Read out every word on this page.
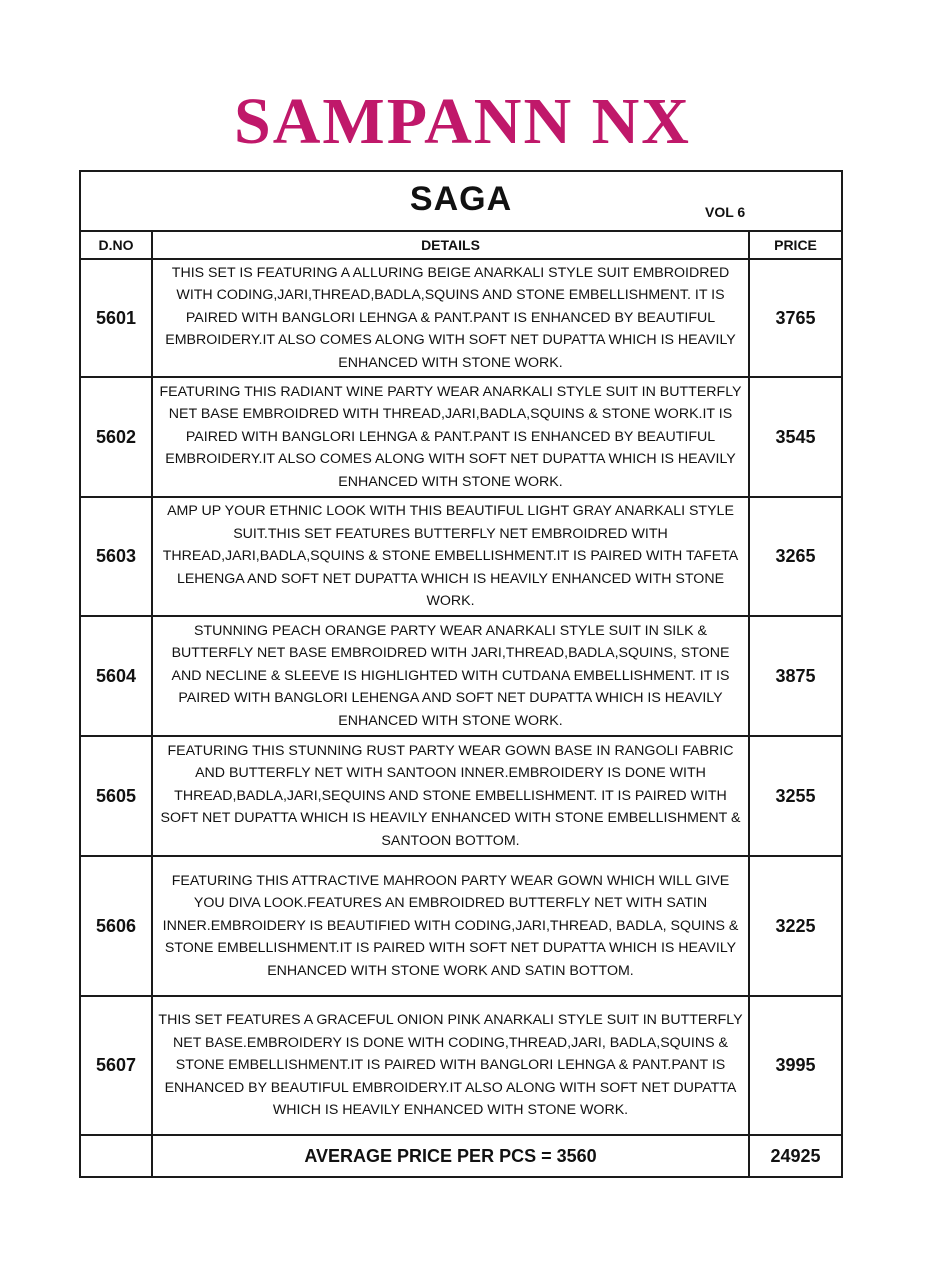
SAMPANN NX
SAGA VOL 6		

D.NO	DETAILS	PRICE
5601	THIS SET IS FEATURING A ALLURING BEIGE ANARKALI STYLE SUIT EMBROIDRED WITH CODING,JARI,THREAD,BADLA,SQUINS AND STONE EMBELLISHMENT. IT IS PAIRED WITH BANGLORI LEHNGA & PANT.PANT IS ENHANCED BY BEAUTIFUL EMBROIDERY.IT ALSO COMES ALONG WITH SOFT NET DUPATTA WHICH IS HEAVILY ENHANCED WITH STONE WORK.	3765
5602	FEATURING THIS RADIANT WINE PARTY WEAR ANARKALI STYLE SUIT IN BUTTERFLY NET BASE EMBROIDRED WITH THREAD,JARI,BADLA,SQUINS & STONE WORK.IT IS PAIRED WITH BANGLORI LEHNGA & PANT.PANT IS ENHANCED BY BEAUTIFUL EMBROIDERY.IT ALSO COMES ALONG WITH SOFT NET DUPATTA WHICH IS HEAVILY ENHANCED WITH STONE WORK.	3545
5603	AMP UP YOUR ETHNIC LOOK WITH THIS BEAUTIFUL LIGHT GRAY ANARKALI STYLE SUIT.THIS SET FEATURES BUTTERFLY NET EMBROIDRED WITH THREAD,JARI,BADLA,SQUINS & STONE EMBELLISHMENT.IT IS PAIRED WITH TAFETA LEHENGA AND SOFT NET DUPATTA WHICH IS HEAVILY ENHANCED WITH STONE WORK.	3265
5604	STUNNING PEACH ORANGE PARTY WEAR ANARKALI STYLE SUIT IN SILK & BUTTERFLY NET BASE EMBROIDRED WITH JARI,THREAD,BADLA,SQUINS, STONE AND NECLINE & SLEEVE IS HIGHLIGHTED WITH CUTDANA EMBELLISHMENT. IT IS PAIRED WITH BANGLORI LEHENGA AND SOFT NET DUPATTA WHICH IS HEAVILY ENHANCED WITH STONE WORK.	3875
5605	FEATURING THIS STUNNING RUST PARTY WEAR GOWN BASE IN RANGOLI FABRIC AND BUTTERFLY NET WITH SANTOON INNER.EMBROIDERY IS DONE WITH THREAD,BADLA,JARI,SEQUINS AND STONE EMBELLISHMENT. IT IS PAIRED WITH SOFT NET DUPATTA WHICH IS HEAVILY ENHANCED WITH STONE EMBELLISHMENT & SANTOON BOTTOM.	3255
5606	FEATURING THIS ATTRACTIVE MAHROON PARTY WEAR GOWN WHICH WILL GIVE YOU DIVA LOOK.FEATURES AN EMBROIDRED BUTTERFLY NET WITH SATIN INNER.EMBROIDERY IS BEAUTIFIED WITH CODING,JARI,THREAD, BADLA, SQUINS & STONE EMBELLISHMENT.IT IS PAIRED WITH SOFT NET DUPATTA WHICH IS HEAVILY ENHANCED WITH STONE WORK AND SATIN BOTTOM.	3225
5607	THIS SET FEATURES A GRACEFUL ONION PINK ANARKALI STYLE SUIT IN BUTTERFLY NET BASE.EMBROIDERY IS DONE WITH CODING,THREAD,JARI, BADLA,SQUINS & STONE EMBELLISHMENT.IT IS PAIRED WITH BANGLORI LEHNGA & PANT.PANT IS ENHANCED BY BEAUTIFUL EMBROIDERY.IT ALSO ALONG WITH SOFT NET DUPATTA WHICH IS HEAVILY ENHANCED WITH STONE WORK.	3995
	AVERAGE PRICE PER PCS = 3560	24925
